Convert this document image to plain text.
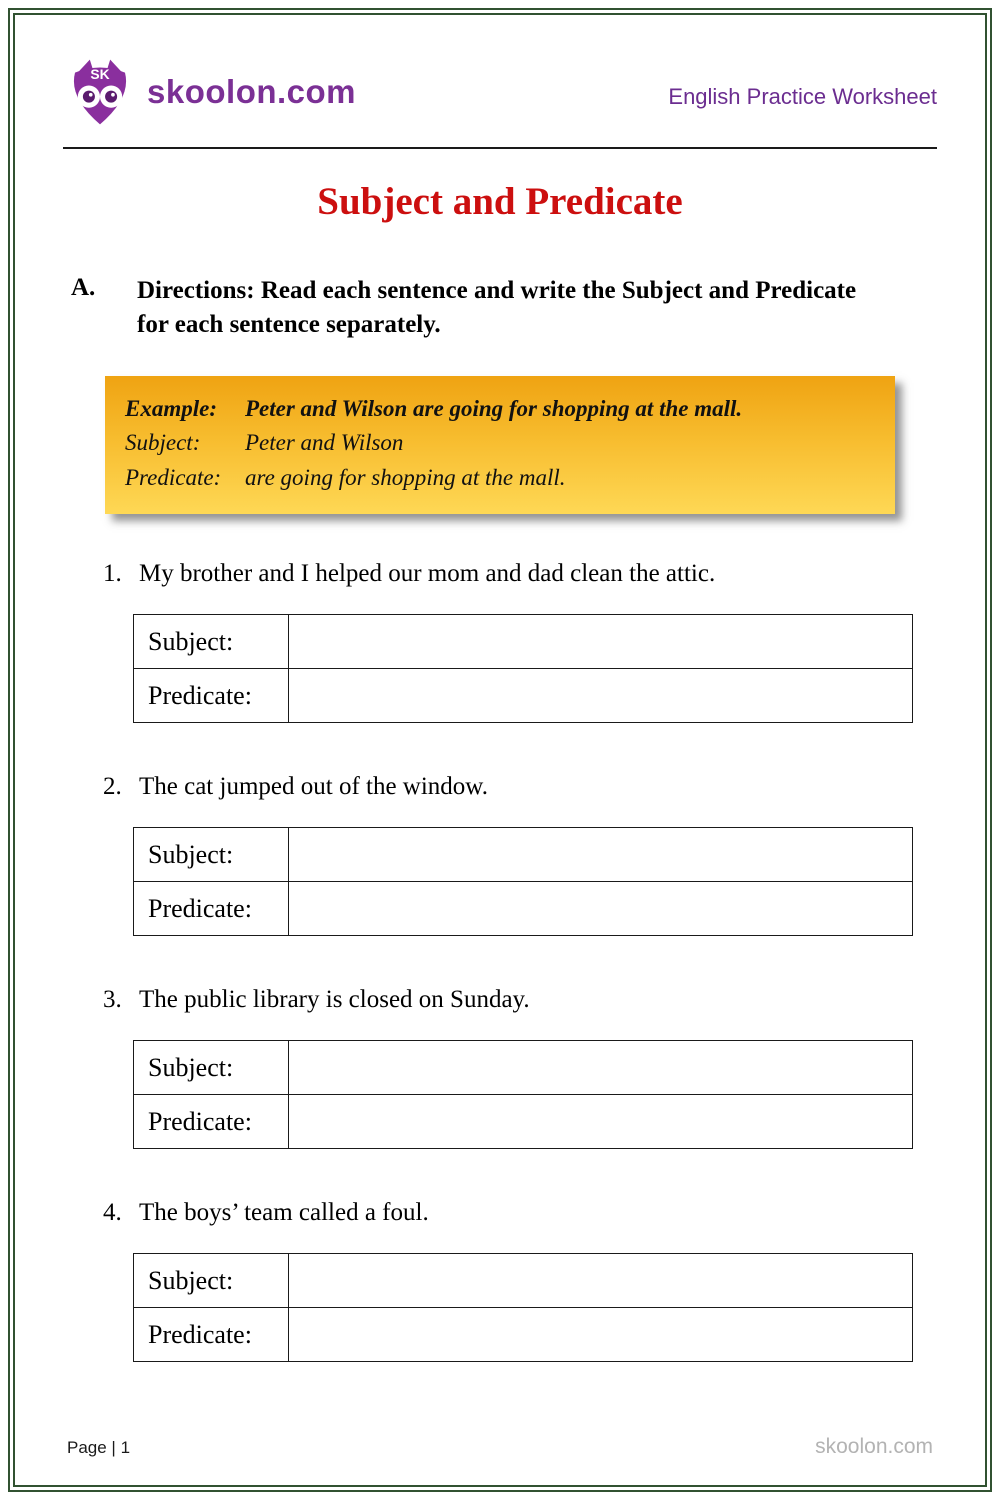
SK skoolon.com	English Practice Worksheet
Subject and Predicate
A.	Directions: Read each sentence and write the Subject and Predicate for each sentence separately.
Example:	Peter and Wilson are going for shopping at the mall.
Subject:	Peter and Wilson
Predicate:	are going for shopping at the mall.
1. My brother and I helped our mom and dad clean the attic.
Subject:	
Predicate:	
2. The cat jumped out of the window.
Subject:	
Predicate:	
3. The public library is closed on Sunday.
Subject:	
Predicate:	
4. The boys’ team called a foul.
Subject:	
Predicate:	
Page | 1	skoolon.com
